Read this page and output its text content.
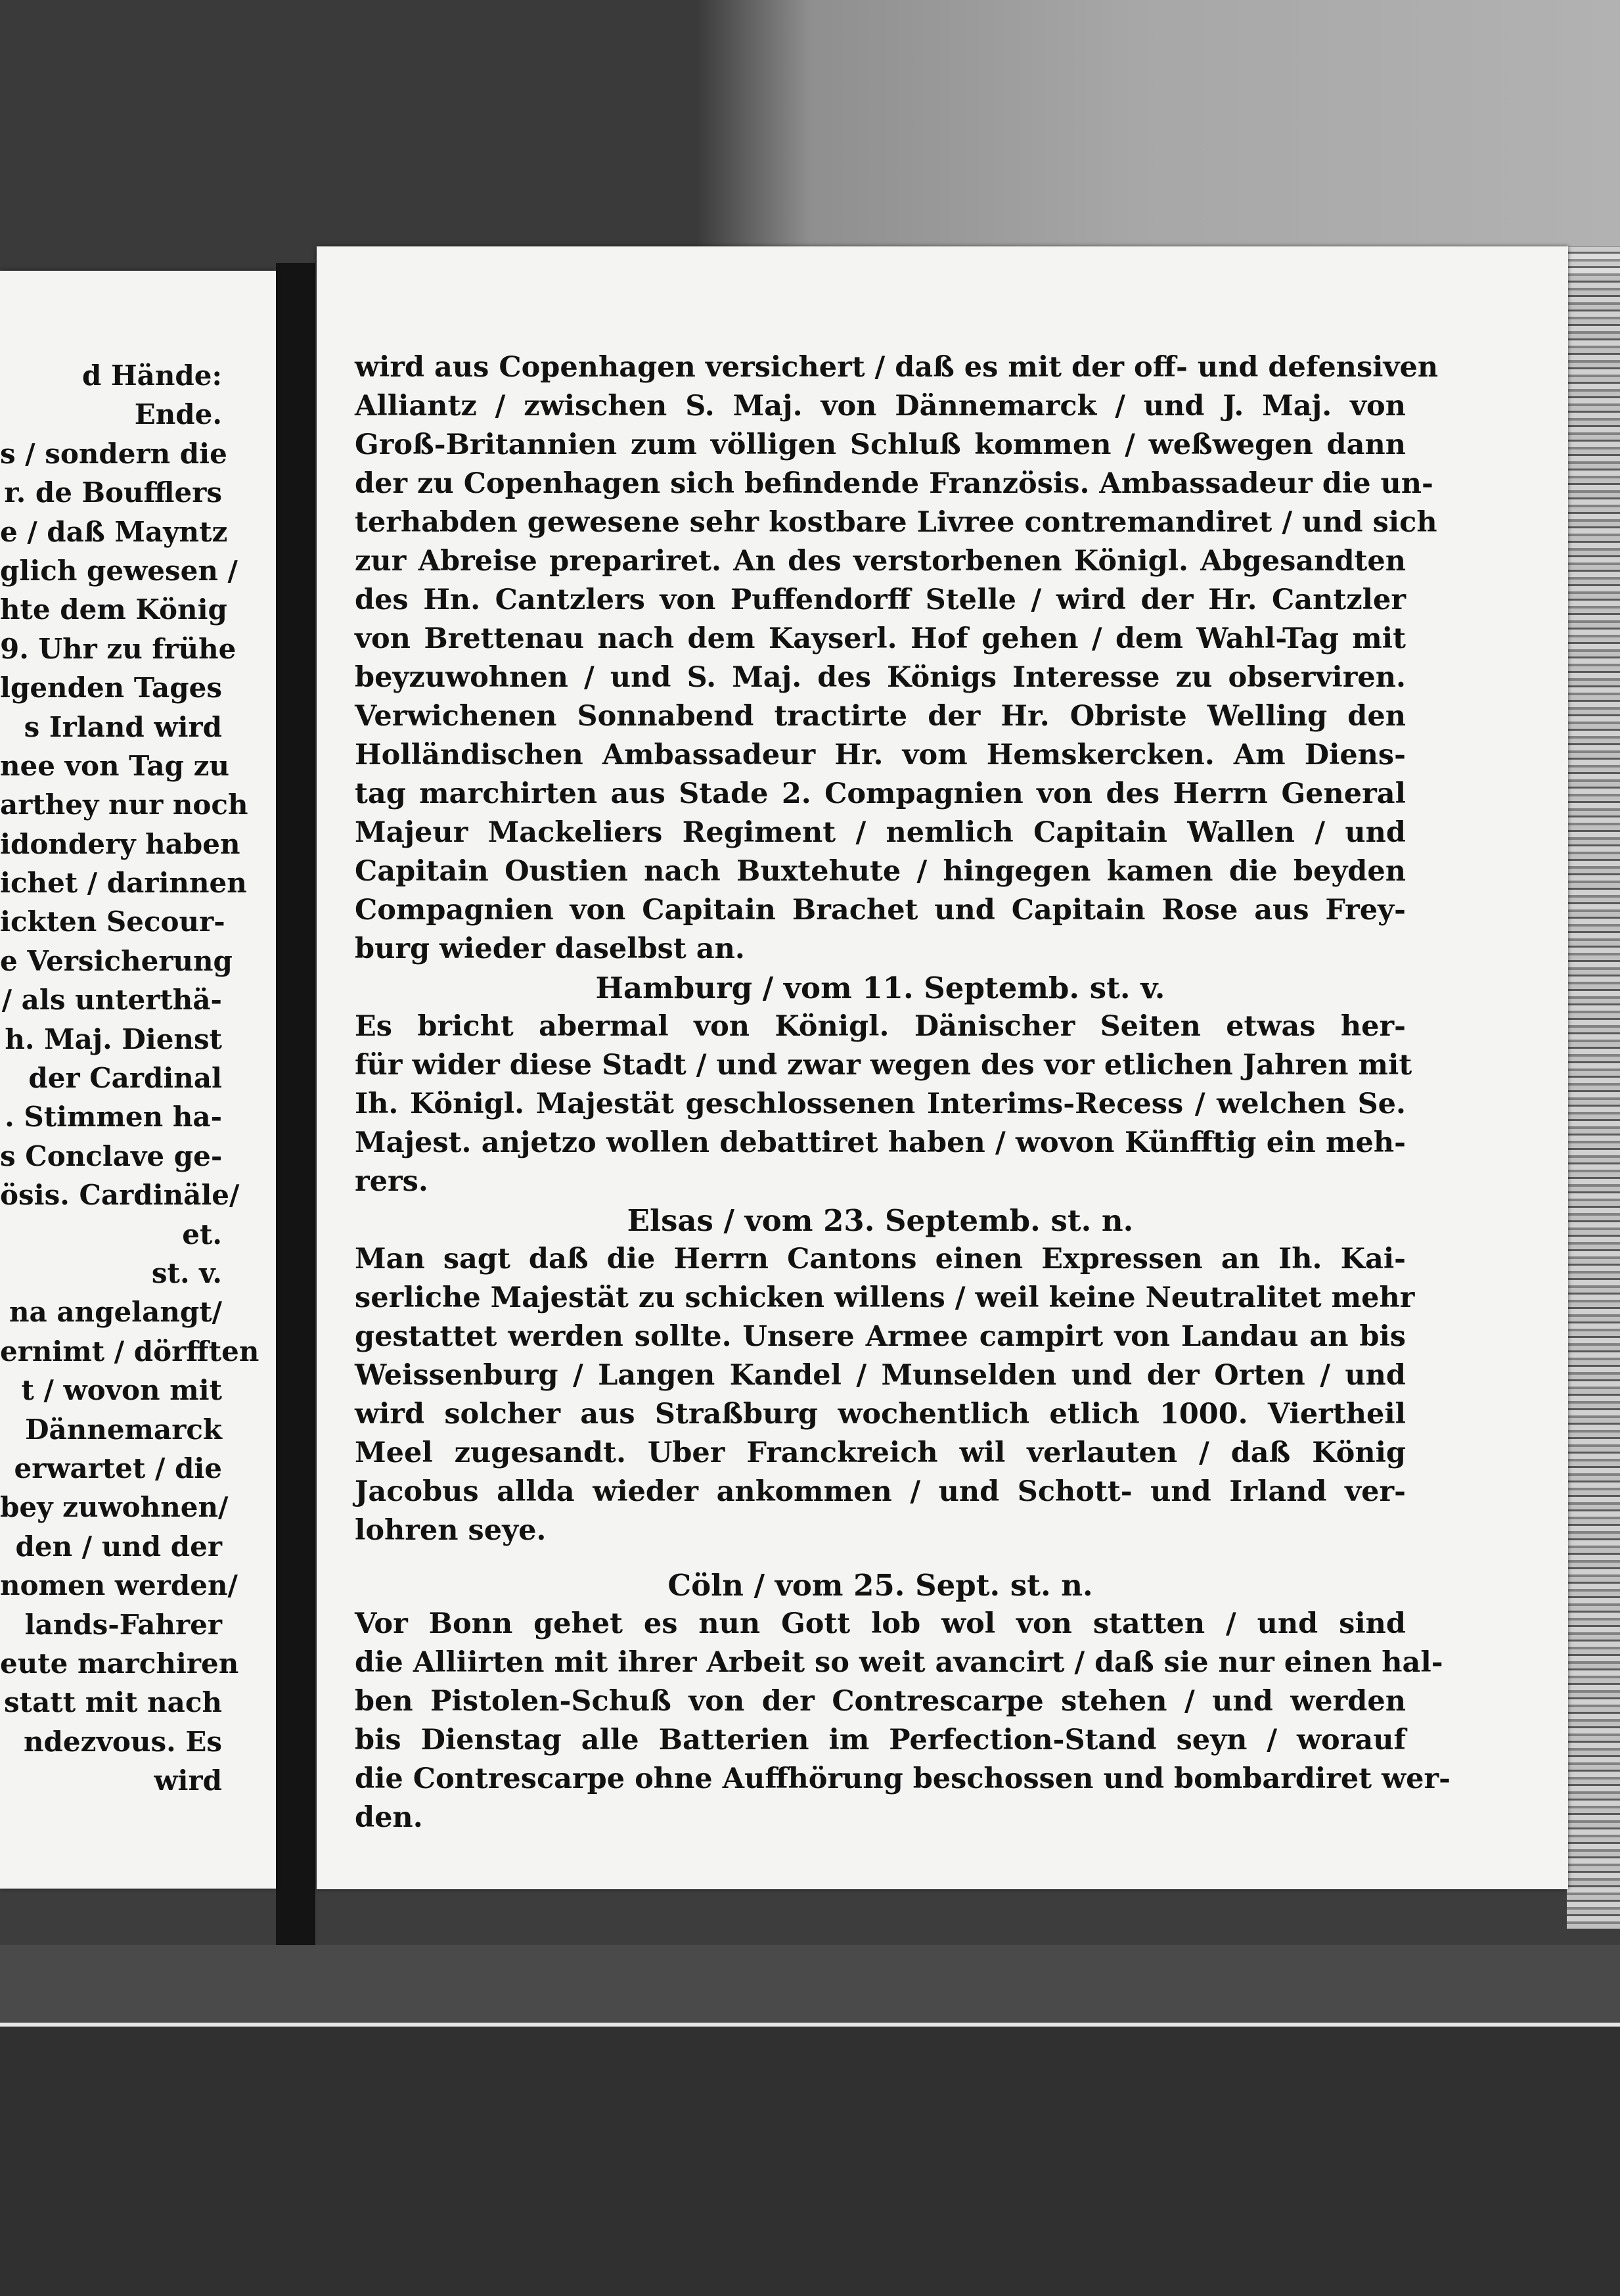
d Hände:
Ende.
s / sondern die
r. de Boufflers
e / daß Mayntz
glich gewesen /
hte dem König
9. Uhr zu frühe
lgenden Tages
s Irland wird
nee von Tag zu
arthey nur noch
idondery haben
ichet / darinnen
ickten Secour-
e Versicherung
/ als unterthä-
h. Maj. Dienst
der Cardinal
. Stimmen ha-
s Conclave ge-
ösis. Cardinäle/
et.
st. v.
na angelangt/
ernimt / dörfften
t / wovon mit
Dännemarck
erwartet / die
bey zuwohnen/
den / und der
nomen werden/
lands-Fahrer
eute marchiren
statt mit nach
ndezvous. Es
wird
wird aus Copenhagen versichert / daß es mit der off- und defensiven
Alliantz / zwischen S. Maj. von Dännemarck / und J. Maj. von
Groß-Britannien zum völligen Schluß kommen / weßwegen dann
der zu Copenhagen sich befindende Französis. Ambassadeur die un-
terhabden gewesene sehr kostbare Livree contremandiret / und sich
zur Abreise prepariret. An des verstorbenen Königl. Abgesandten
des Hn. Cantzlers von Puffendorff Stelle / wird der Hr. Cantzler
von Brettenau nach dem Kayserl. Hof gehen / dem Wahl-Tag mit
beyzuwohnen / und S. Maj. des Königs Interesse zu observiren.
Verwichenen Sonnabend tractirte der Hr. Obriste Welling den
Holländischen Ambassadeur Hr. vom Hemskercken. Am Diens-
tag marchirten aus Stade 2. Compagnien von des Herrn General
Majeur Mackeliers Regiment / nemlich Capitain Wallen / und
Capitain Oustien nach Buxtehute / hingegen kamen die beyden
Compagnien von Capitain Brachet und Capitain Rose aus Frey-
burg wieder daselbst an.
Hamburg / vom 11. Septemb. st. v.
Es bricht abermal von Königl. Dänischer Seiten etwas her-
für wider diese Stadt / und zwar wegen des vor etlichen Jahren mit
Ih. Königl. Majestät geschlossenen Interims-Recess / welchen Se.
Majest. anjetzo wollen debattiret haben / wovon Künfftig ein meh-
rers.
Elsas / vom 23. Septemb. st. n.
Man sagt daß die Herrn Cantons einen Expressen an Ih. Kai-
serliche Majestät zu schicken willens / weil keine Neutralitet mehr
gestattet werden sollte. Unsere Armee campirt von Landau an bis
Weissenburg / Langen Kandel / Munselden und der Orten / und
wird solcher aus Straßburg wochentlich etlich 1000. Viertheil
Meel zugesandt. Uber Franckreich wil verlauten / daß König
Jacobus allda wieder ankommen / und Schott- und Irland ver-
lohren seye.
Cöln / vom 25. Sept. st. n.
Vor Bonn gehet es nun Gott lob wol von statten / und sind
die Alliirten mit ihrer Arbeit so weit avancirt / daß sie nur einen hal-
ben Pistolen-Schuß von der Contrescarpe stehen / und werden
bis Dienstag alle Batterien im Perfection-Stand seyn / worauf
die Contrescarpe ohne Auffhörung beschossen und bombardiret wer-
den.
